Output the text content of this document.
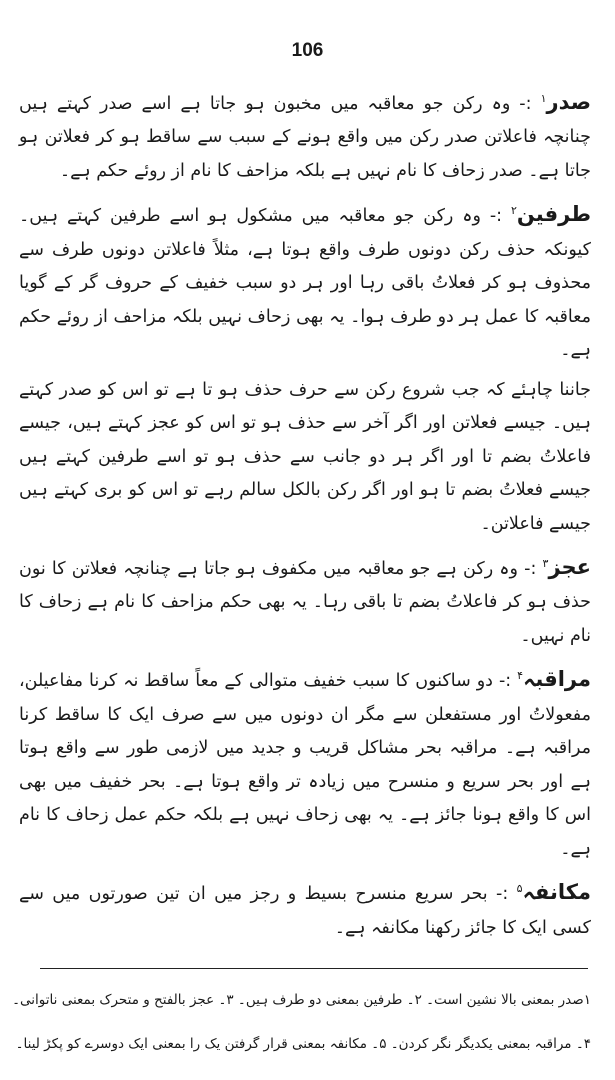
106

صدر$^۱$ :- وہ رکن جو معاقبہ میں مخبون ہو جاتا ہے اسے صدر کہتے ہیں چنانچہ فاعلاتن صدر رکن میں واقع ہونے کے سبب سے ساقط ہو کر فعلاتن ہو جاتا ہے۔ صدر زحاف کا نام نہیں ہے بلکہ مزاحف کا نام از روئے حکم ہے۔

طرفین$^۲$ :- وہ رکن جو معاقبہ میں مشکول ہو اسے طرفین کہتے ہیں۔ کیونکہ حذف رکن دونوں طرف واقع ہوتا ہے، مثلاً فاعلاتن دونوں طرف سے محذوف ہو کر فعلاتُ باقی رہا اور ہر دو سبب خفیف کے حروف گر کے گویا معاقبہ کا عمل ہر دو طرف ہوا۔ یہ بھی زحاف نہیں بلکہ مزاحف از روئے حکم ہے۔

جاننا چاہئے کہ جب شروع رکن سے حرف حذف ہو تا ہے تو اس کو صدر کہتے ہیں۔ جیسے فعلاتن اور اگر آخر سے حذف ہو تو اس کو عجز کہتے ہیں، جیسے فاعلاتُ بضم تا اور اگر ہر دو جانب سے حذف ہو تو اسے طرفین کہتے ہیں جیسے فعلاتُ بضم تا ہو اور اگر رکن بالکل سالم رہے تو اس کو بری کہتے ہیں جیسے فاعلاتن۔

عجز$^۳$ :- وہ رکن ہے جو معاقبہ میں مکفوف ہو جاتا ہے چنانچہ فعلاتن کا نون حذف ہو کر فاعلاتُ بضم تا باقی رہا۔ یہ بھی حکم مزاحف کا نام ہے زحاف کا نام نہیں۔

مراقبہ$^۴$ :- دو ساکنوں کا سبب خفیف متوالی کے معاً ساقط نہ کرنا مفاعیلن، مفعولاتُ اور مستفعلن سے مگر ان دونوں میں سے صرف ایک کا ساقط کرنا مراقبہ ہے۔ مراقبہ بحر مشاکل قریب و جدید میں لازمی طور سے واقع ہوتا ہے اور بحر سریع و منسرح میں زیادہ تر واقع ہوتا ہے۔ بحر خفیف میں بھی اس کا واقع ہونا جائز ہے۔ یہ بھی زحاف نہیں ہے بلکہ حکم عمل زحاف کا نام ہے۔

مکانفہ$^۵$ :- بحر سریع منسرح بسیط و رجز میں ان تین صورتوں میں سے کسی ایک کا جائز رکھنا مکانفہ ہے۔

۱صدر بمعنی بالا نشین است۔ ۲۔ طرفین بمعنی دو طرف ہیں۔ ۳۔ عجز بالفتح و متحرک بمعنی ناتوانی۔

۴۔ مراقبہ بمعنی یکدیگر نگر کردن۔ ۵۔ مکانفہ بمعنی قرار گرفتن یک را بمعنی ایک دوسرے کو پکڑ لینا۔
